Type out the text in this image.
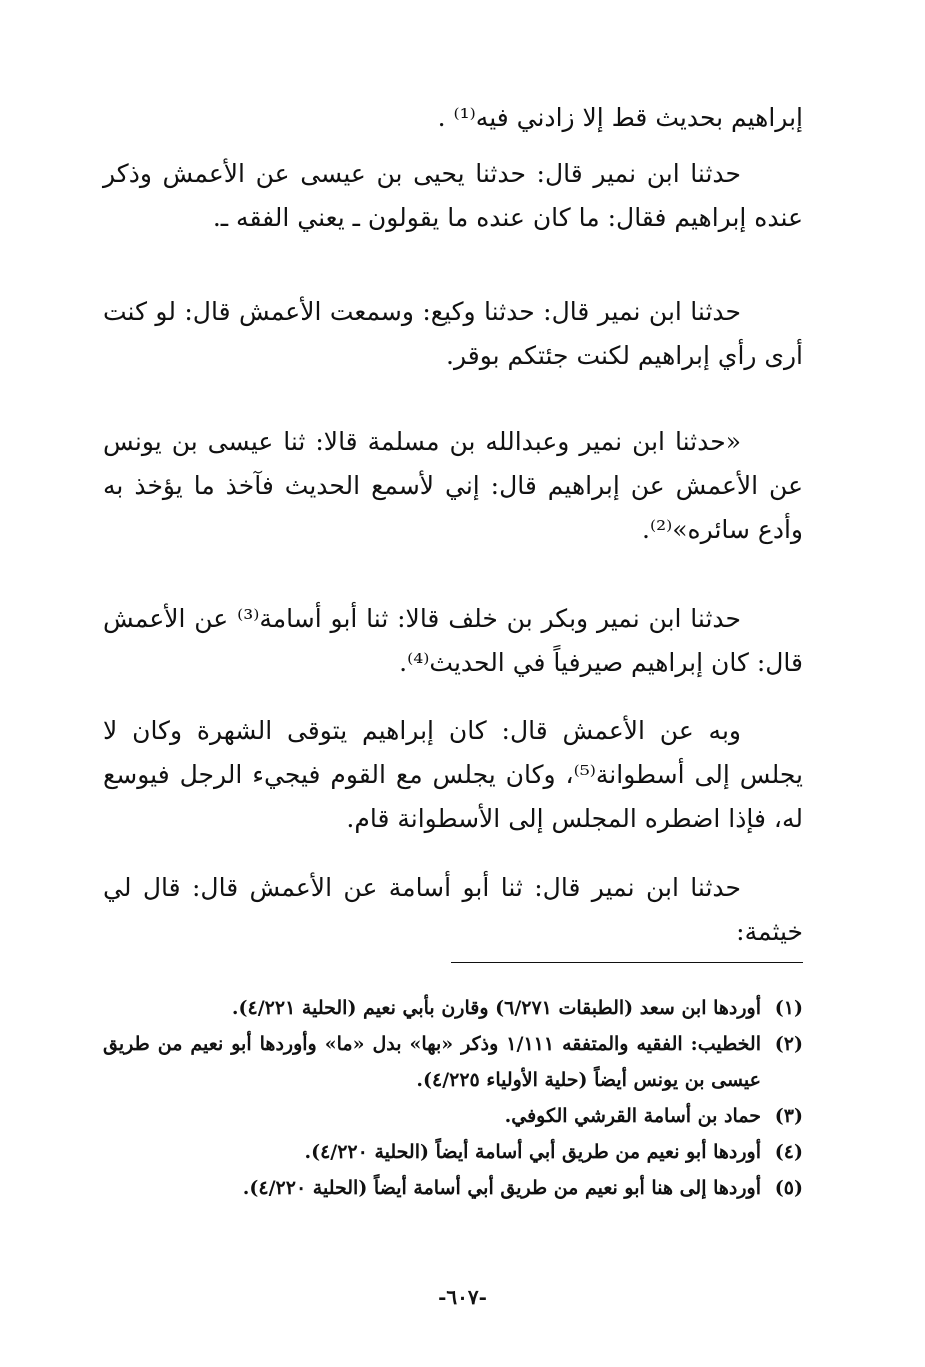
إبراهيم بحديث قط إلا زادني فيه⁽¹⁾ .

حدثنا ابن نمير قال: حدثنا يحيى بن عيسى عن الأعمش وذكر عنده إبراهيم فقال: ما كان عنده ما يقولون ـ يعني الفقه ـ.

حدثنا ابن نمير قال: حدثنا وكيع: وسمعت الأعمش قال: لو كنت أرى رأي إبراهيم لكنت جئتكم بوقر.

«حدثنا ابن نمير وعبدالله بن مسلمة قالا: ثنا عيسى بن يونس عن الأعمش عن إبراهيم قال: إني لأسمع الحديث فآخذ ما يؤخذ به وأدع سائره»⁽²⁾.

حدثنا ابن نمير وبكر بن خلف قالا: ثنا أبو أسامة⁽³⁾ عن الأعمش قال: كان إبراهيم صيرفياً في الحديث⁽⁴⁾.

وبه عن الأعمش قال: كان إبراهيم يتوقى الشهرة وكان لا يجلس إلى أسطوانة⁽⁵⁾، وكان يجلس مع القوم فيجيء الرجل فيوسع له، فإذا اضطره المجلس إلى الأسطوانة قام.

حدثنا ابن نمير قال: ثنا أبو أسامة عن الأعمش قال: قال لي خيثمة:

(١)
أوردها ابن سعد (الطبقات ٦/٢٧١) وقارن بأبي نعيم (الحلية ٤/٢٢١).
(٢)
الخطيب: الفقيه والمتفقه ١/١١١ وذكر «بها» بدل «ما» وأوردها أبو نعيم من طريق عيسى بن يونس أيضاً (حلية الأولياء ٤/٢٢٥).
(٣)
حماد بن أسامة القرشي الكوفي.
(٤)
أوردها أبو نعيم من طريق أبي أسامة أيضاً (الحلية ٤/٢٢٠).
(٥)
أوردها إلى هنا أبو نعيم من طريق أبي أسامة أيضاً (الحلية ٤/٢٢٠).
-٦٠٧-
